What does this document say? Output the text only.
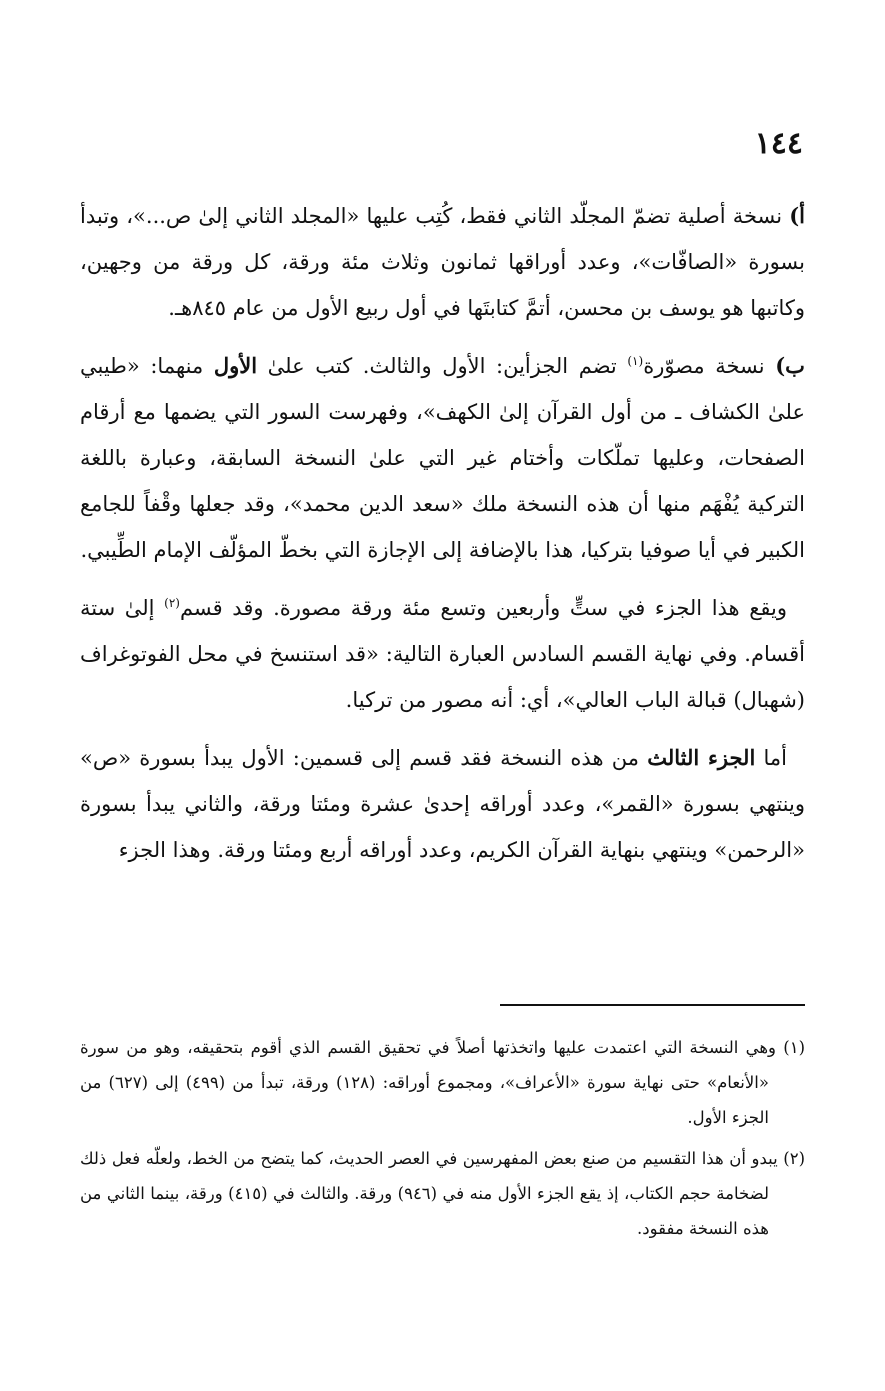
١٤٤

أ) نسخة أصلية تضمّ المجلّد الثاني فقط، كُتِب عليها «المجلد الثاني إلىٰ ص...»، وتبدأ بسورة «الصافّات»، وعدد أوراقها ثمانون وثلاث مئة ورقة، كل ورقة من وجهين، وكاتبها هو يوسف بن محسن، أتمَّ كتابتَها في أول ربيع الأول من عام ٨٤٥هـ.

ب) نسخة مصوّرة$^{(١)}$ تضم الجزأين: الأول والثالث. كتب علىٰ الأول منهما: «طيبي علىٰ الكشاف ـ من أول القرآن إلىٰ الكهف»، وفهرست السور التي يضمها مع أرقام الصفحات، وعليها تملّكات وأختام غير التي علىٰ النسخة السابقة، وعبارة باللغة التركية يُفْهَم منها أن هذه النسخة ملك «سعد الدين محمد»، وقد جعلها وقْفاً للجامع الكبير في أيا صوفيا بتركيا، هذا بالإضافة إلى الإجازة التي بخطّ المؤلّف الإمام الطِّيبي.

ويقع هذا الجزء في ستٍّ وأربعين وتسع مئة ورقة مصورة. وقد قسم$^{(٢)}$ إلىٰ ستة أقسام. وفي نهاية القسم السادس العبارة التالية: «قد استنسخ في محل الفوتوغراف (شهبال) قبالة الباب العالي»، أي: أنه مصور من تركيا.

أما الجزء الثالث من هذه النسخة فقد قسم إلى قسمين: الأول يبدأ بسورة «ص» وينتهي بسورة «القمر»، وعدد أوراقه إحدىٰ عشرة ومئتا ورقة، والثاني يبدأ بسورة «الرحمن» وينتهي بنهاية القرآن الكريم، وعدد أوراقه أربع ومئتا ورقة. وهذا الجزء

(١) وهي النسخة التي اعتمدت عليها واتخذتها أصلاً في تحقيق القسم الذي أقوم بتحقيقه، وهو من سورة «الأنعام» حتى نهاية سورة «الأعراف»، ومجموع أوراقه: (١٢٨) ورقة، تبدأ من (٤٩٩) إلى (٦٢٧) من الجزء الأول.

(٢) يبدو أن هذا التقسيم من صنع بعض المفهرسين في العصر الحديث، كما يتضح من الخط، ولعلّه فعل ذلك لضخامة حجم الكتاب، إذ يقع الجزء الأول منه في (٩٤٦) ورقة. والثالث في (٤١٥) ورقة، بينما الثاني من هذه النسخة مفقود.
